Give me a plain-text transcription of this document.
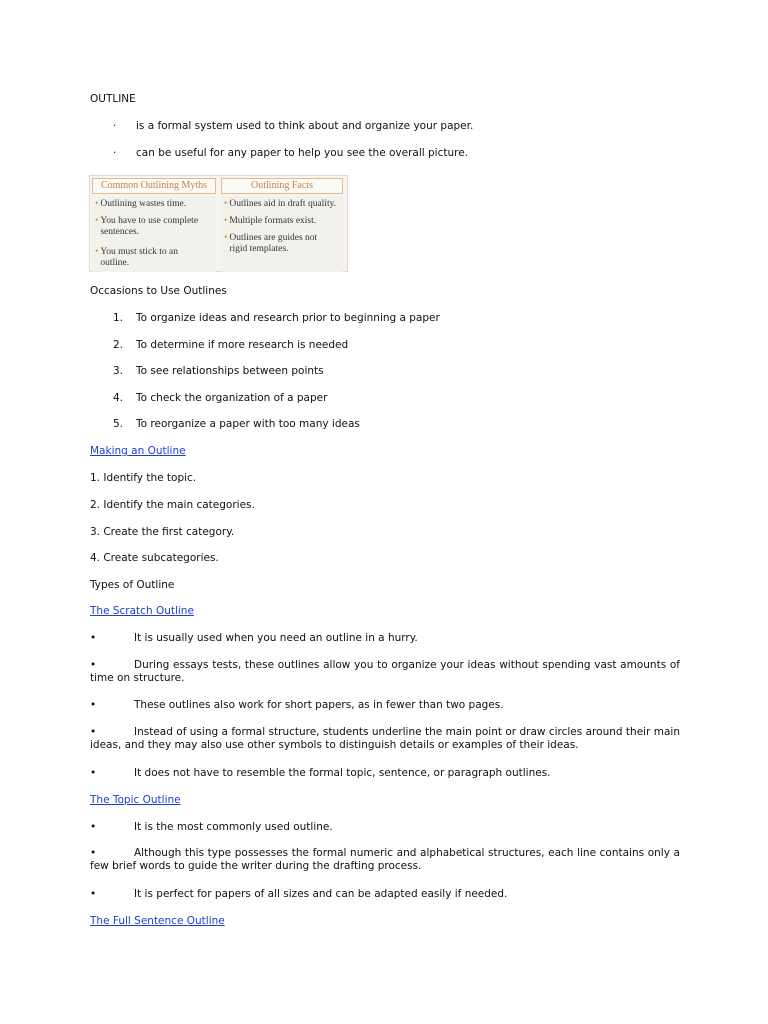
OUTLINE
· is a formal system used to think about and organize your paper.
· can be useful for any paper to help you see the overall picture.
Common Outlining Myths
• Outlining wastes time.
• You have to use complete sentences.
• You must stick to an outline.
Outlining Facts
• Outlines aid in draft quality.
• Multiple formats exist.
• Outlines are guides not rigid templates.
Occasions to Use Outlines
1. To organize ideas and research prior to beginning a paper
2. To determine if more research is needed
3. To see relationships between points
4. To check the organization of a paper
5. To reorganize a paper with too many ideas
Making an Outline
1. Identify the topic.
2. Identify the main categories.
3. Create the first category.
4. Create subcategories.
Types of Outline
The Scratch Outline
•	It is usually used when you need an outline in a hurry.
•	During essays tests, these outlines allow you to organize your ideas without spending vast amounts of time on structure.
•	These outlines also work for short papers, as in fewer than two pages.
•	Instead of using a formal structure, students underline the main point or draw circles around their main ideas, and they may also use other symbols to distinguish details or examples of their ideas.
•	It does not have to resemble the formal topic, sentence, or paragraph outlines.
The Topic Outline
•	It is the most commonly used outline.
•	Although this type possesses the formal numeric and alphabetical structures, each line contains only a few brief words to guide the writer during the drafting process.
•	It is perfect for papers of all sizes and can be adapted easily if needed.
The Full Sentence Outline
